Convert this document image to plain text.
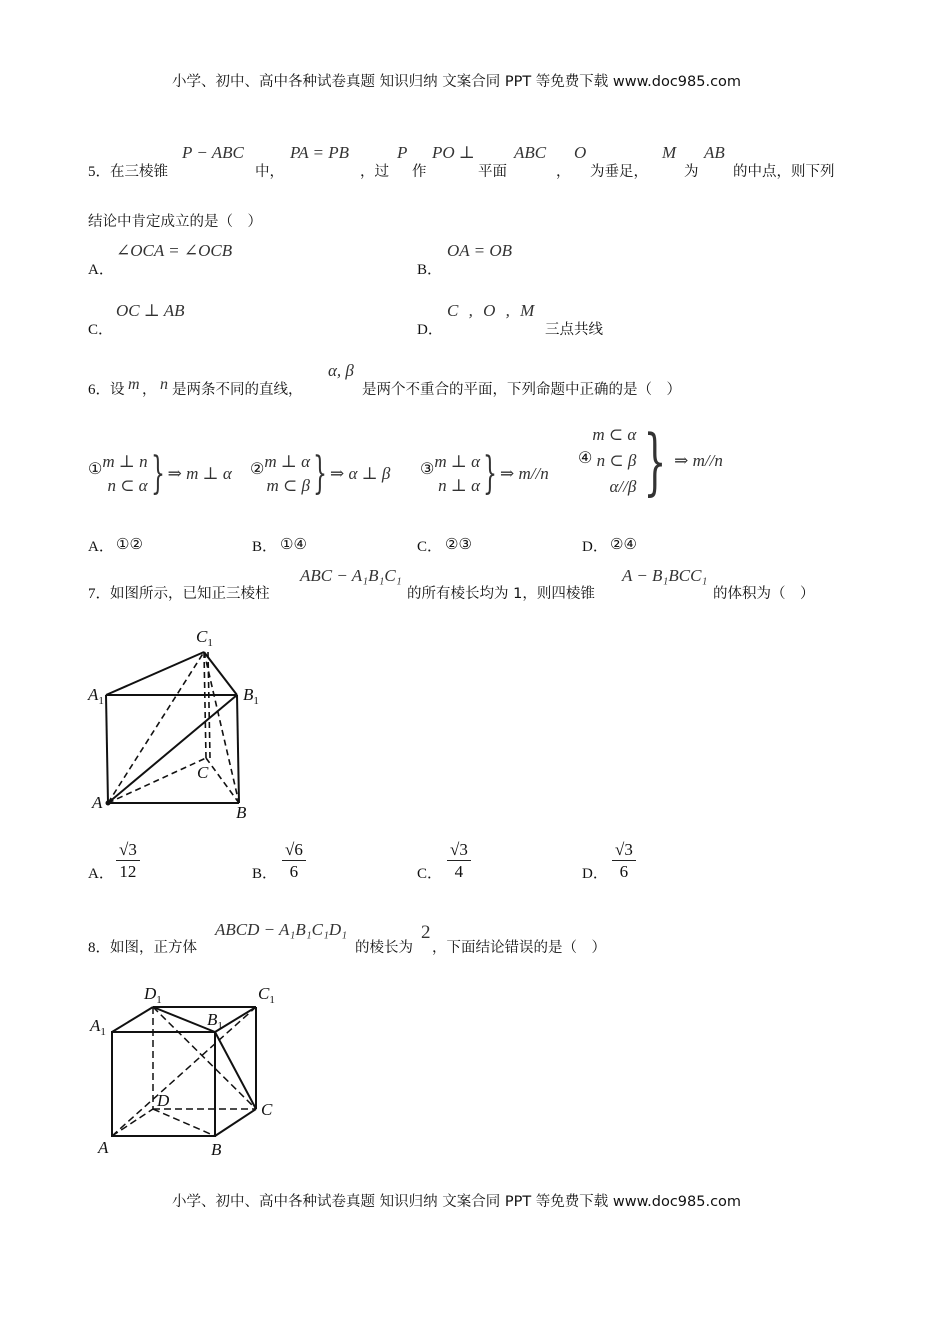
小学、初中、高中各种试卷真题 知识归纳 文案合同 PPT 等免费下载 www.doc985.com
5． 在三棱锥
P − ABC
中，
PA = PB
，过
P
作
PO ⊥
平面
ABC
，
O
为垂足，
M
为
AB
的中点，则下列
结论中肯定成立的是（　）
A．
∠OCA = ∠OCB
B．
OA = OB
C．
OC ⊥ AB
D．
C , O , M
三点共线
6． 设 m ， n 是两条不同的直线，
α, β
是两个不重合的平面，下列命题中正确的是（　）
① m ⊥ n
n ⊂ α } ⇒ m ⊥ α ② m ⊥ α
m ⊂ β } ⇒ α ⊥ β ③ m ⊥ α
n ⊥ α } ⇒ m//n
④
m ⊂ α
n ⊂ β
α//β } ⇒ m//n
A． ①②	B． ①④	C． ②③	D． ②④
7． 如图所示，已知正三棱柱
ABC − A₁B₁C₁
的所有棱长均为 1，则四棱锥
A − B₁BCC₁
的体积为（　）
$C_1$
$A_1$	$B_1$
C
A
B
A． $\frac{√3}{12}$	B． $\frac{√6}{6}$	C． $\frac{√3}{4}$	D． $\frac{√3}{6}$
8． 如图，正方体
ABCD − A₁B₁C₁D₁
的棱长为
2
，下面结论错误的是（　）
$D_1$	$C_1$
$A_1$
$B_1$
D	C
A	B
小学、初中、高中各种试卷真题 知识归纳 文案合同 PPT 等免费下载 www.doc985.com
